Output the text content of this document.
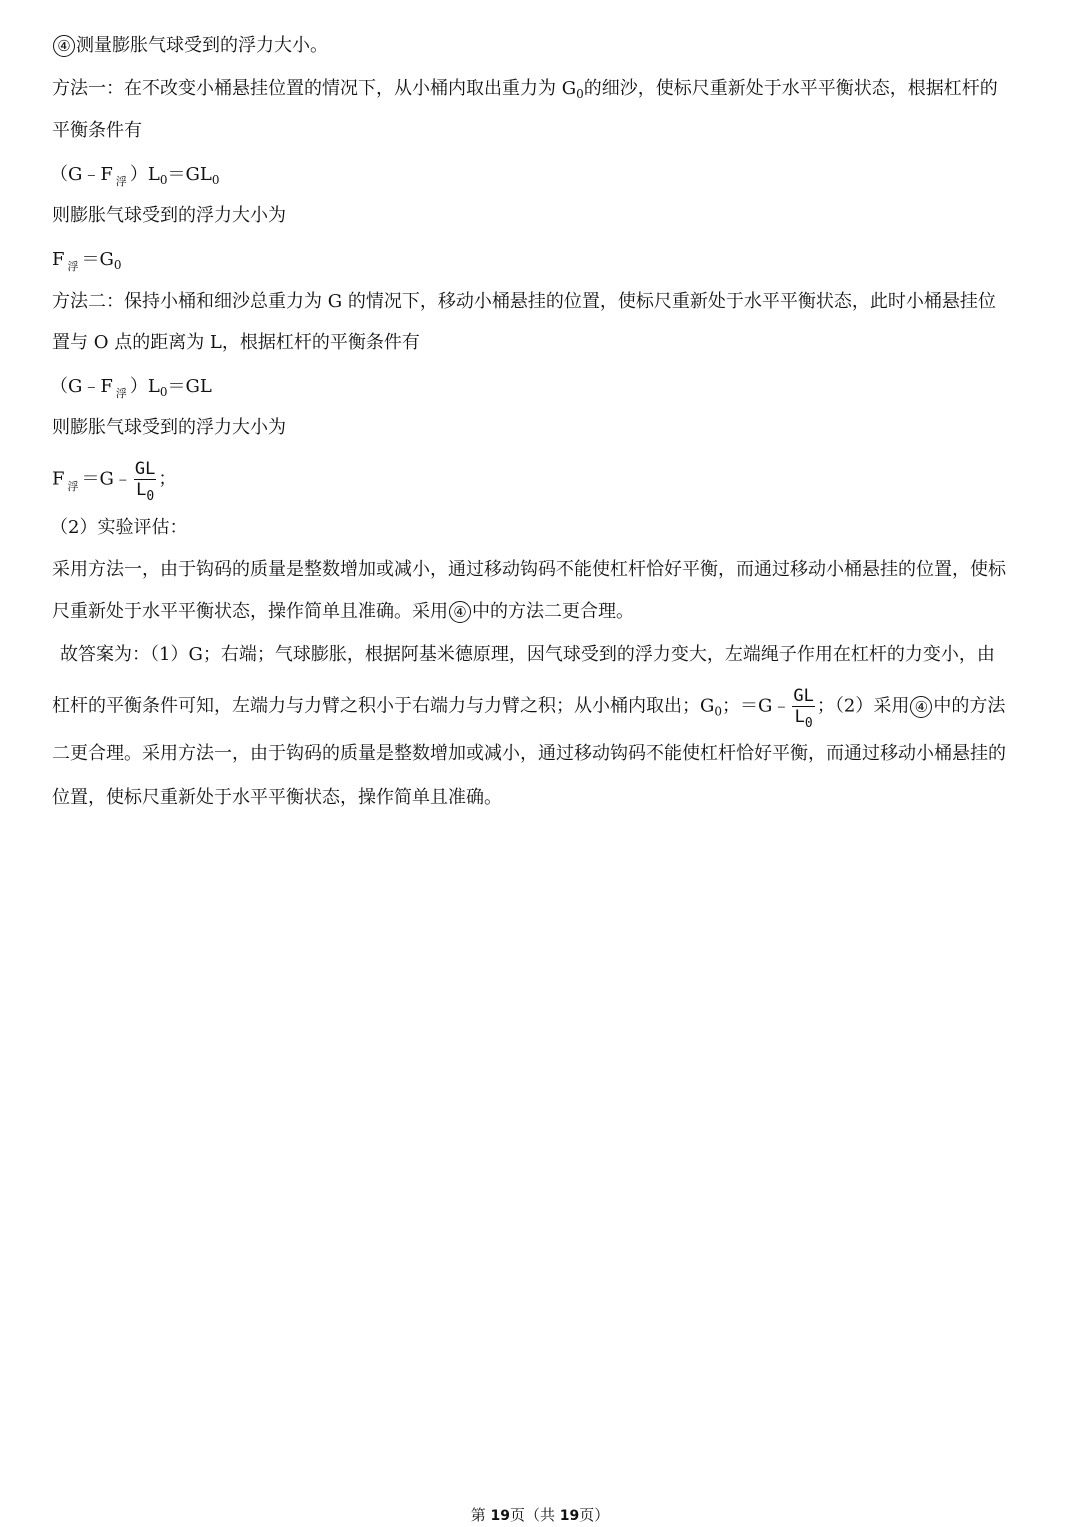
④ 测量膨胀气球受到的浮力大小。
方法一：在不改变小桶悬挂位置的情况下，从小桶内取出重力为 $G_0$的细沙，使标尺重新处于水平平衡状态，根据杠杆的
平衡条件有
（G﹣F $_浮$ ）$L_0=GL_0$
则膨胀气球受到的浮力大小为
F $_浮 =G_0$
方法二：保持小桶和细沙总重力为 G 的情况下，移动小桶悬挂的位置，使标尺重新处于水平平衡状态，此时小桶悬挂位
置与 O 点的距离为 L，根据杠杆的平衡条件有
（G﹣F $_浮$ ）$L_0=GL$
则膨胀气球受到的浮力大小为
F $_浮$ ＝G﹣ $\frac{GL}{L_0}$ ；
（2）实验评估：
采用方法一，由于钩码的质量是整数增加或减小，通过移动钩码不能使杠杆恰好平衡，而通过移动小桶悬挂的位置，使标
尺重新处于水平平衡状态，操作简单且准确。采用 ④ 中的方法二更合理。
故答案为：（1）G；右端；气球膨胀，根据阿基米德原理，因气球受到的浮力变大，左端绳子作用在杠杆的力变小，由
杠杆的平衡条件可知，左端力与力臂之积小于右端力与力臂之积；从小桶内取出；$G_0$；＝G﹣ $\frac{GL}{L_0}$ ；（2）采用 ④ 中的方法
二更合理。采用方法一，由于钩码的质量是整数增加或减小，通过移动钩码不能使杠杆恰好平衡，而通过移动小桶悬挂的
位置，使标尺重新处于水平平衡状态，操作简单且准确。
第 19页（共 19页）
